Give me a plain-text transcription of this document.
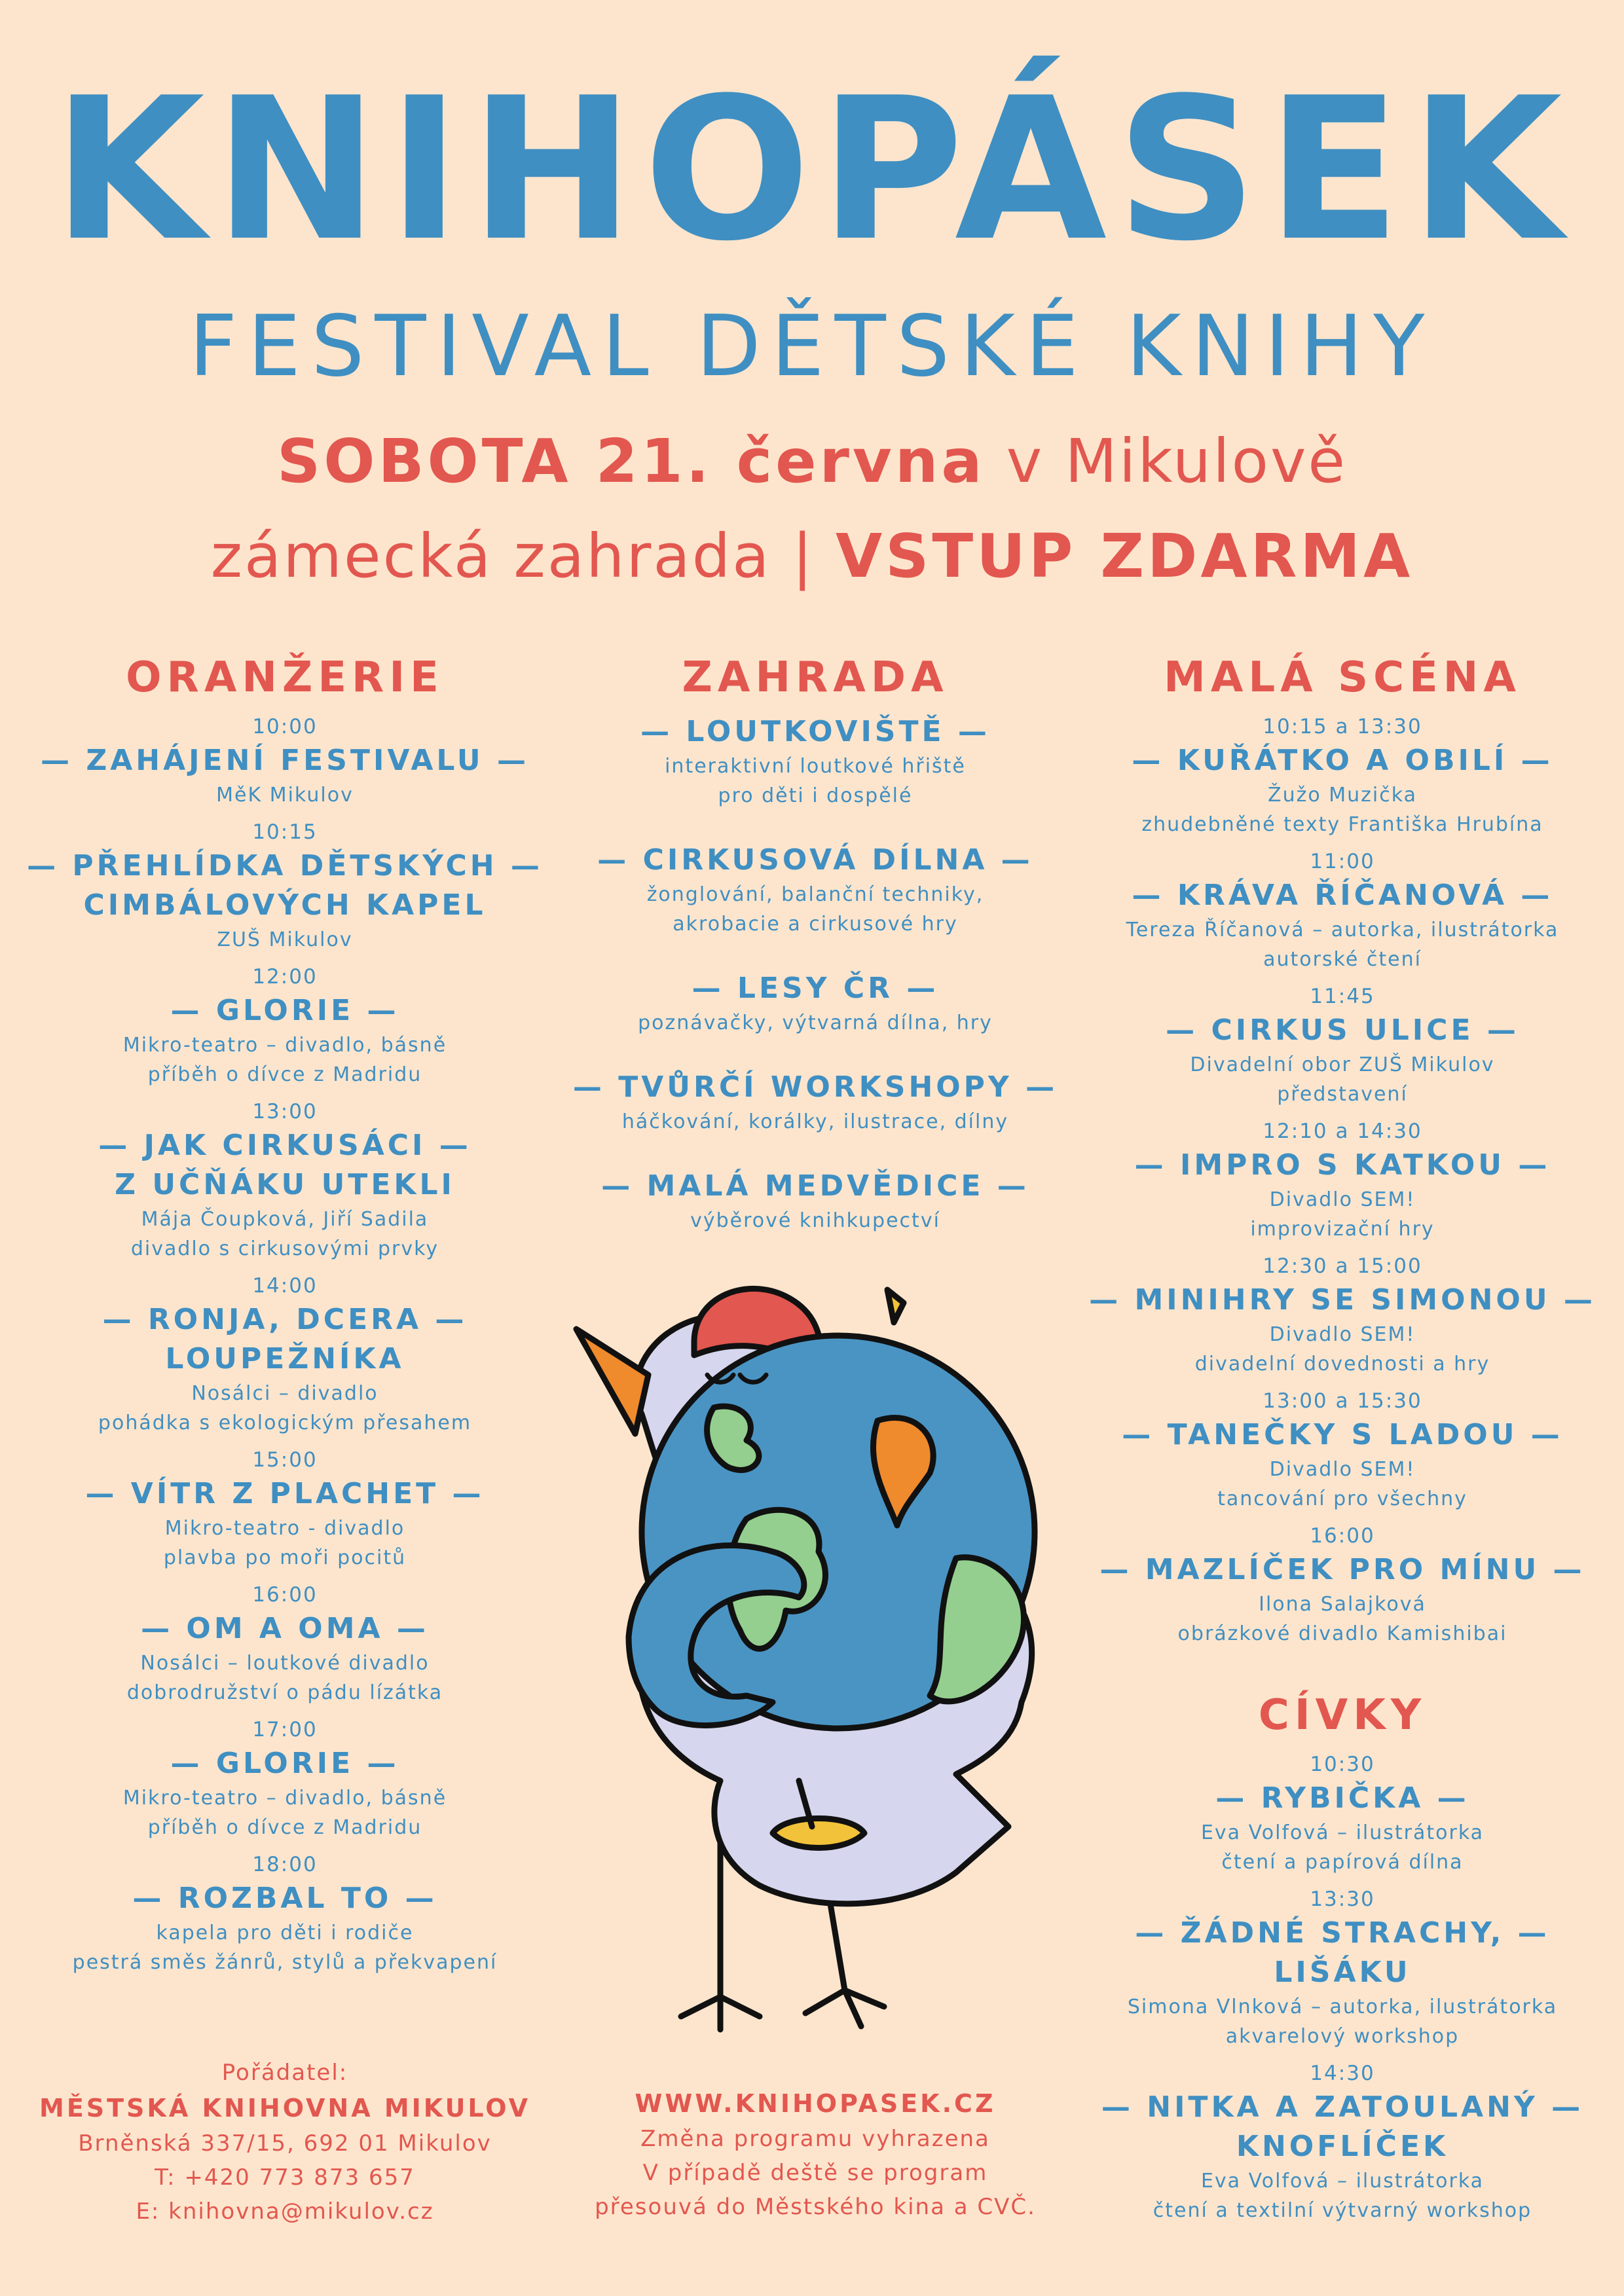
KNIHOPÁSEK
FESTIVAL DĚTSKÉ KNIHY
SOBOTA 21. června v Mikulově
zámecká zahrada | VSTUP ZDARMA
ORANŽERIE
10:00
— ZAHÁJENÍ FESTIVALU —
MěK Mikulov
10:15
— PŘEHLÍDKA DĚTSKÝCH —
CIMBÁLOVÝCH KAPEL
ZUŠ Mikulov
12:00
— GLORIE —
Mikro-teatro – divadlo, básně
příběh o dívce z Madridu
13:00
— JAK CIRKUSÁCI —
Z UČŇÁKU UTEKLI
Mája Čoupková, Jiří Sadila
divadlo s cirkusovými prvky
14:00
— RONJA, DCERA —
LOUPEŽNÍKA
Nosálci – divadlo
pohádka s ekologickým přesahem
15:00
— VÍTR Z PLACHET —
Mikro-teatro - divadlo
plavba po moři pocitů
16:00
— OM A OMA —
Nosálci – loutkové divadlo
dobrodružství o pádu lízátka
17:00
— GLORIE —
Mikro-teatro – divadlo, básně
příběh o dívce z Madridu
18:00
— ROZBAL TO —
kapela pro děti i rodiče
pestrá směs žánrů, stylů a překvapení
ZAHRADA
— LOUTKOVIŠTĚ —
interaktivní loutkové hřiště
pro děti i dospělé
— CIRKUSOVÁ DÍLNA —
žonglování, balanční techniky,
akrobacie a cirkusové hry
— LESY ČR —
poznávačky, výtvarná dílna, hry
— TVŮRČÍ WORKSHOPY —
háčkování, korálky, ilustrace, dílny
— MALÁ MEDVĚDICE —
výběrové knihkupectví
MALÁ SCÉNA
10:15 a 13:30
— KUŘÁTKO A OBILÍ —
Žužo Muzička
zhudebněné texty Františka Hrubína
11:00
— KRÁVA ŘÍČANOVÁ —
Tereza Říčanová – autorka, ilustrátorka
autorské čtení
11:45
— CIRKUS ULICE —
Divadelní obor ZUŠ Mikulov
představení
12:10 a 14:30
— IMPRO S KATKOU —
Divadlo SEM!
improvizační hry
12:30 a 15:00
— MINIHRY SE SIMONOU —
Divadlo SEM!
divadelní dovednosti a hry
13:00 a 15:30
— TANEČKY S LADOU —
Divadlo SEM!
tancování pro všechny
16:00
— MAZLÍČEK PRO MÍNU —
Ilona Salajková
obrázkové divadlo Kamishibai
CÍVKY
10:30
— RYBIČKA —
Eva Volfová – ilustrátorka
čtení a papírová dílna
13:30
— ŽÁDNÉ STRACHY, —
LIŠÁKU
Simona Vlnková – autorka, ilustrátorka
akvarelový workshop
14:30
— NITKA A ZATOULANÝ —
KNOFLÍČEK
Eva Volfová – ilustrátorka
čtení a textilní výtvarný workshop
Pořádatel:
MĚSTSKÁ KNIHOVNA MIKULOV
Brněnská 337/15, 692 01 Mikulov
T: +420 773 873 657
E: knihovna@mikulov.cz
WWW.KNIHOPASEK.CZ
Změna programu vyhrazena
V případě deště se program
přesouvá do Městského kina a CVČ.
